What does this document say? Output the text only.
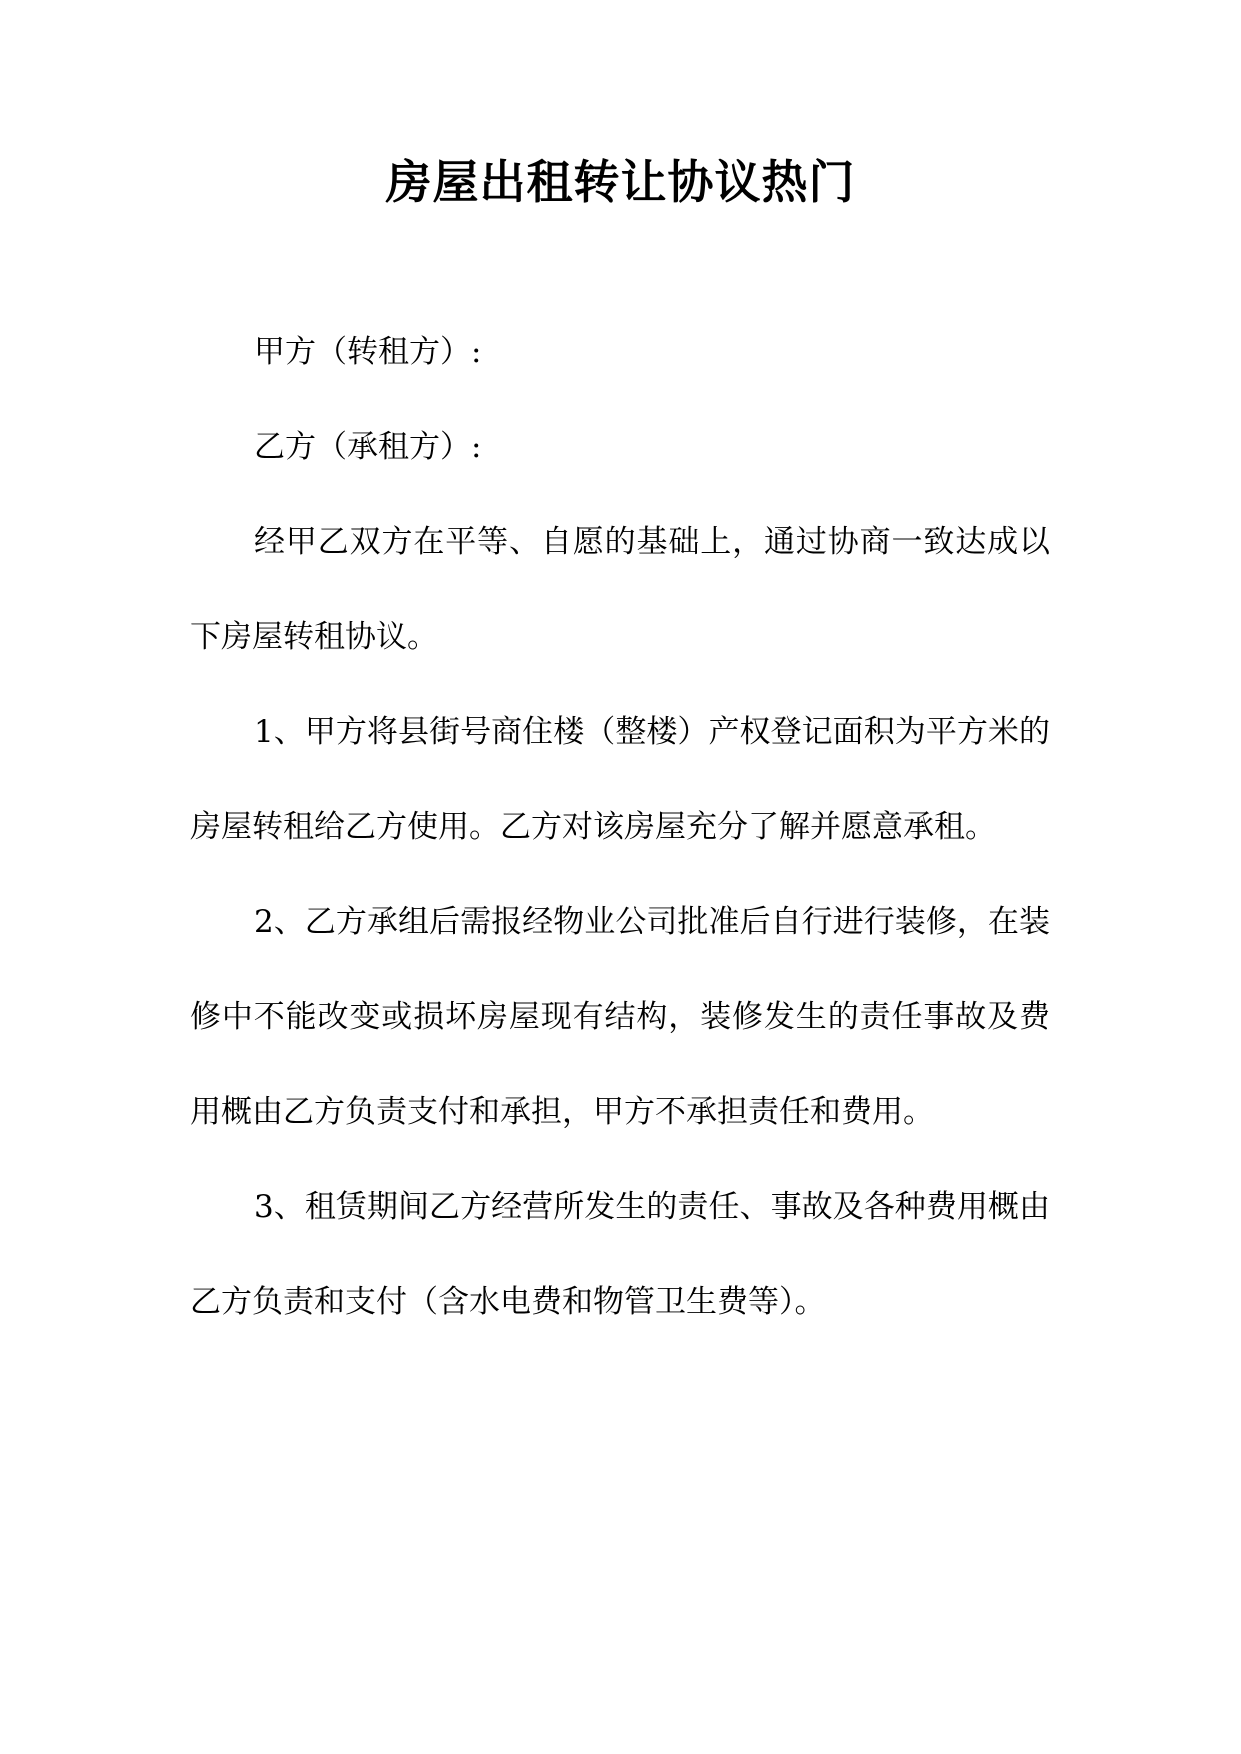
房屋出租转让协议热门

甲方（转租方）:

乙方（承租方）:

经甲乙双方在平等、自愿的基础上，通过协商一致达成以下房屋转租协议。

1、甲方将县街号商住楼（整楼）产权登记面积为平方米的房屋转租给乙方使用。乙方对该房屋充分了解并愿意承租。

2、乙方承组后需报经物业公司批准后自行进行装修，在装修中不能改变或损坏房屋现有结构，装修发生的责任事故及费用概由乙方负责支付和承担，甲方不承担责任和费用。

3、租赁期间乙方经营所发生的责任、事故及各种费用概由乙方负责和支付（含水电费和物管卫生费等）。
